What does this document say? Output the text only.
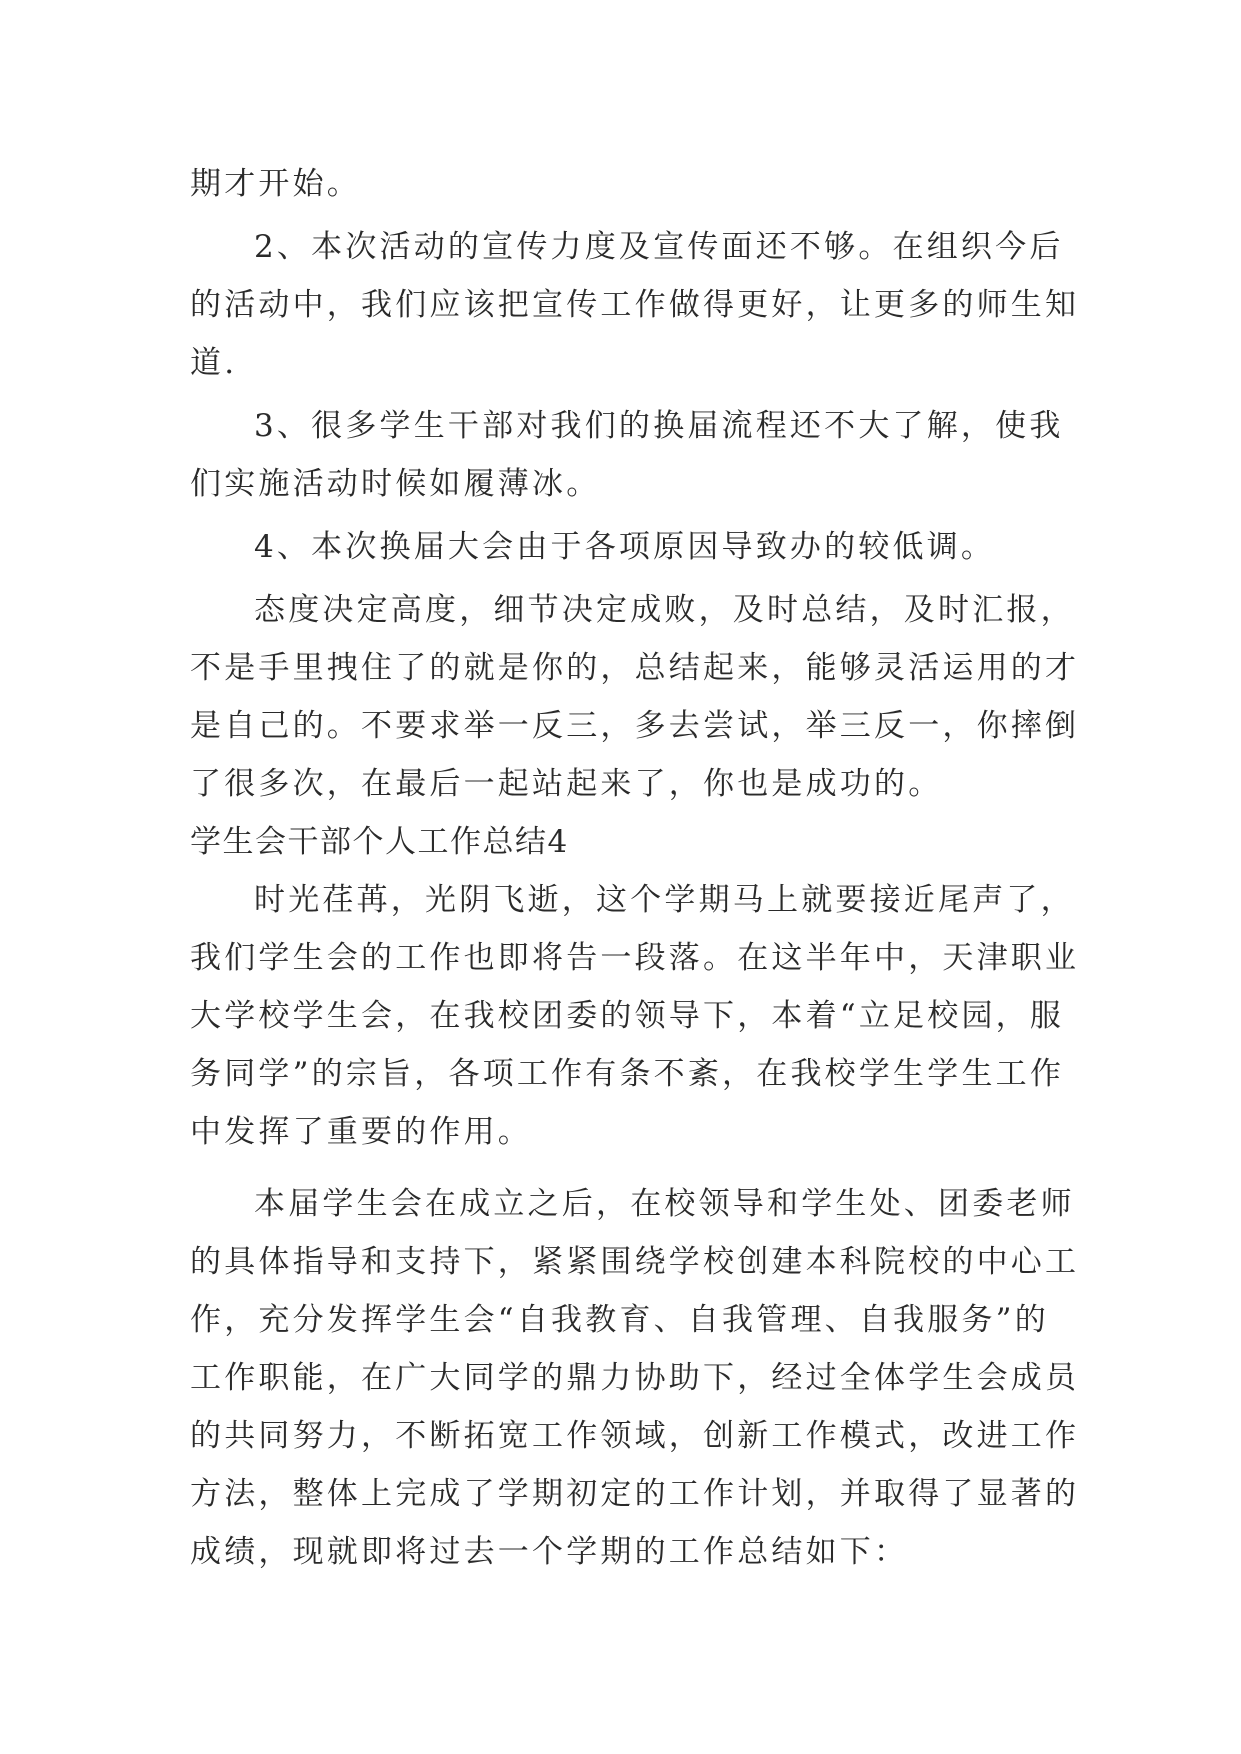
期才开始。
2、本次活动的宣传力度及宣传面还不够。在组织今后
的活动中，我们应该把宣传工作做得更好，让更多的师生知
道.
3、很多学生干部对我们的换届流程还不大了解，使我
们实施活动时候如履薄冰。
4、本次换届大会由于各项原因导致办的较低调。
态度决定高度，细节决定成败，及时总结，及时汇报，
不是手里拽住了的就是你的，总结起来，能够灵活运用的才
是自己的。不要求举一反三，多去尝试，举三反一，你摔倒
了很多次，在最后一起站起来了，你也是成功的。
学生会干部个人工作总结4
时光荏苒，光阴飞逝，这个学期马上就要接近尾声了，
我们学生会的工作也即将告一段落。在这半年中，天津职业
大学校学生会，在我校团委的领导下，本着“立足校园，服
务同学”的宗旨，各项工作有条不紊，在我校学生学生工作
中发挥了重要的作用。
本届学生会在成立之后，在校领导和学生处、团委老师
的具体指导和支持下，紧紧围绕学校创建本科院校的中心工
作，充分发挥学生会“自我教育、自我管理、自我服务”的
工作职能，在广大同学的鼎力协助下，经过全体学生会成员
的共同努力，不断拓宽工作领域，创新工作模式，改进工作
方法，整体上完成了学期初定的工作计划，并取得了显著的
成绩，现就即将过去一个学期的工作总结如下：
